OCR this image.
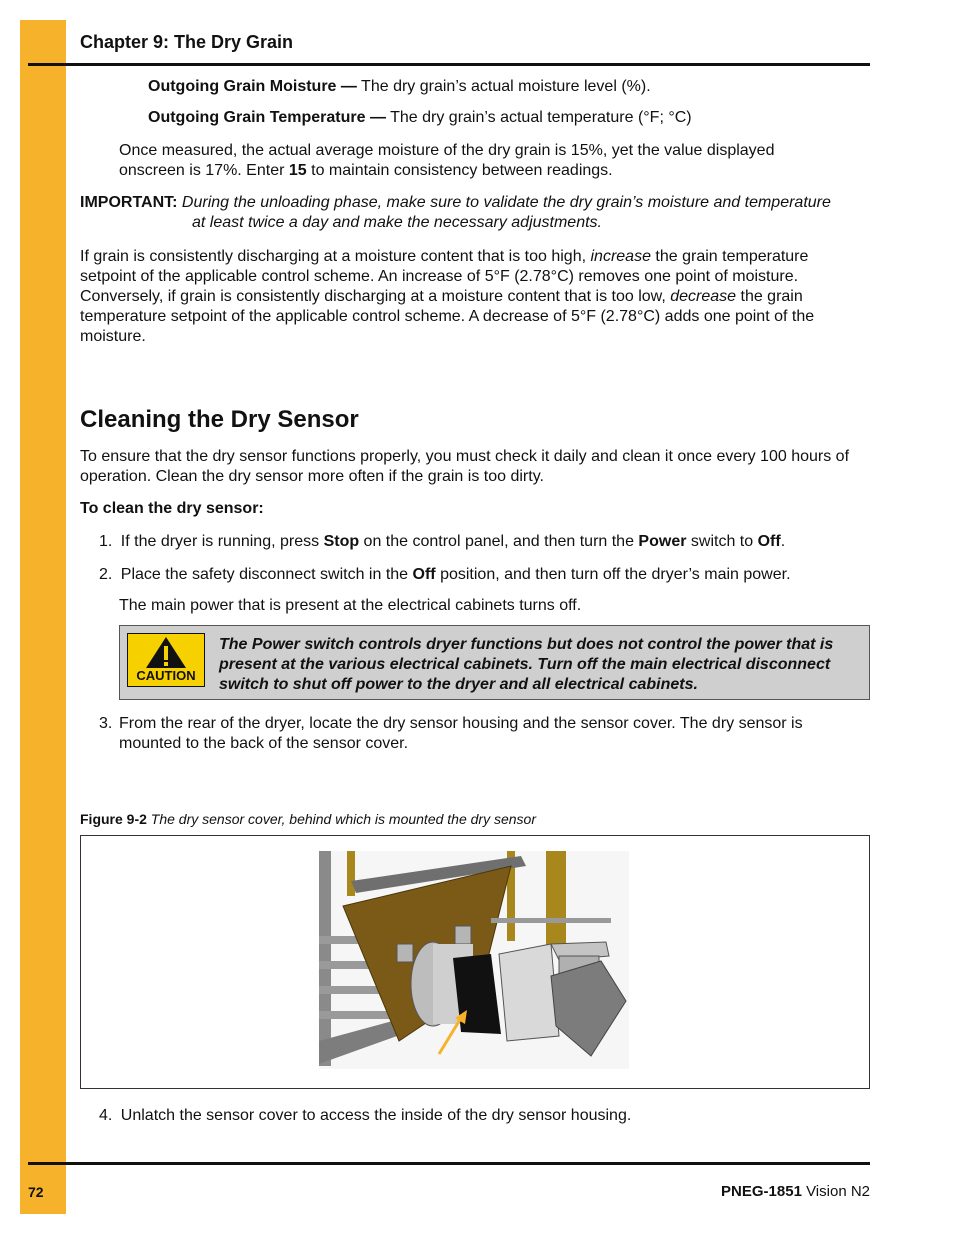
Chapter 9: The Dry Grain

Outgoing Grain Moisture — The dry grain’s actual moisture level (%).

Outgoing Grain Temperature — The dry grain’s actual temperature (°F; °C)

Once measured, the actual average moisture of the dry grain is 15%, yet the value displayed onscreen is 17%. Enter 15 to maintain consistency between readings.

IMPORTANT: During the unloading phase, make sure to validate the dry grain’s moisture and temperature
at least twice a day and make the necessary adjustments.

If grain is consistently discharging at a moisture content that is too high, increase the grain temperature setpoint of the applicable control scheme. An increase of 5°F (2.78°C) removes one point of moisture. Conversely, if grain is consistently discharging at a moisture content that is too low, decrease the grain temperature setpoint of the applicable control scheme. A decrease of 5°F (2.78°C) adds one point of the moisture.

Cleaning the Dry Sensor

To ensure that the dry sensor functions properly, you must check it daily and clean it once every 100 hours of operation. Clean the dry sensor more often if the grain is too dirty.

To clean the dry sensor:

1. If the dryer is running, press Stop on the control panel, and then turn the Power switch to Off.
2. Place the safety disconnect switch in the Off position, and then turn off the dryer’s main power.

The main power that is present at the electrical cabinets turns off.

CAUTION
The Power switch controls dryer functions but does not control the power that is present at the various electrical cabinets. Turn off the main electrical disconnect switch to shut off power to the dryer and all electrical cabinets.
3. From the rear of the dryer, locate the dry sensor housing and the sensor cover. The dry sensor is mounted to the back of the sensor cover.

Figure 9-2 The dry sensor cover, behind which is mounted the dry sensor

4. Unlatch the sensor cover to access the inside of the dry sensor housing.
72	PNEG-1851 Vision N2
